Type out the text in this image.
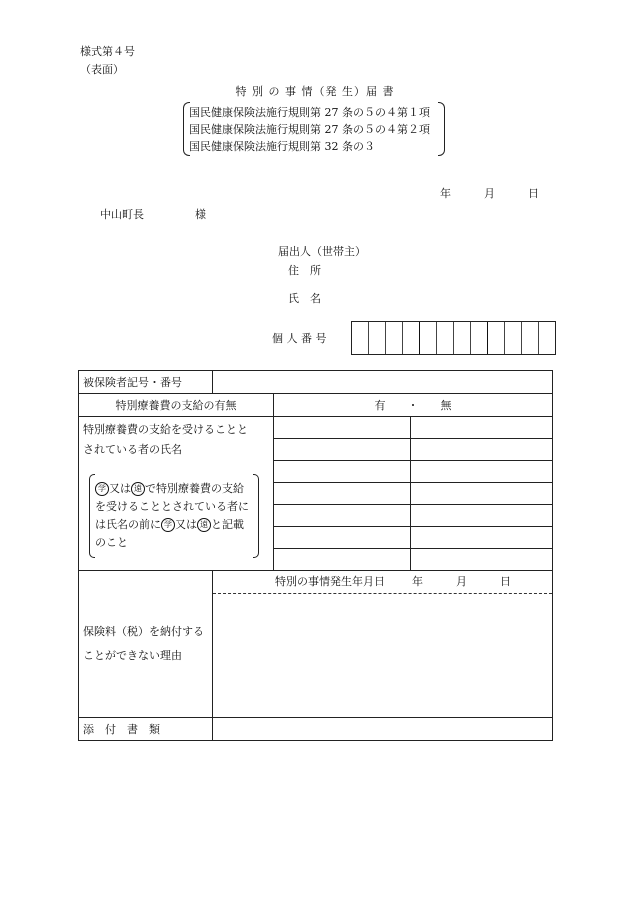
様式第４号
（表面）
特 別 の 事 情（発 生）届 書
国民健康保険法施行規則第 27 条の５の４第１項
国民健康保険法施行規則第 27 条の５の４第２項
国民健康保険法施行規則第 32 条の３
年	月	日
中山町長	様
届出人（世帯主）
住　所
氏　名
個 人 番 号
被保険者記号・番号			
特別療養費の支給の有無		有　　・　　無	

特別療養費の支給を受けることと
されている者の氏名
学 又は 遠 で特別療養費の支給を受けることとされている者には氏名の前に 学 又は 遠 と記載のこと			

保険料（税）を納付する
ことができない理由	特別の事情発生年月日 年 月 日		

添　付　書　類			
